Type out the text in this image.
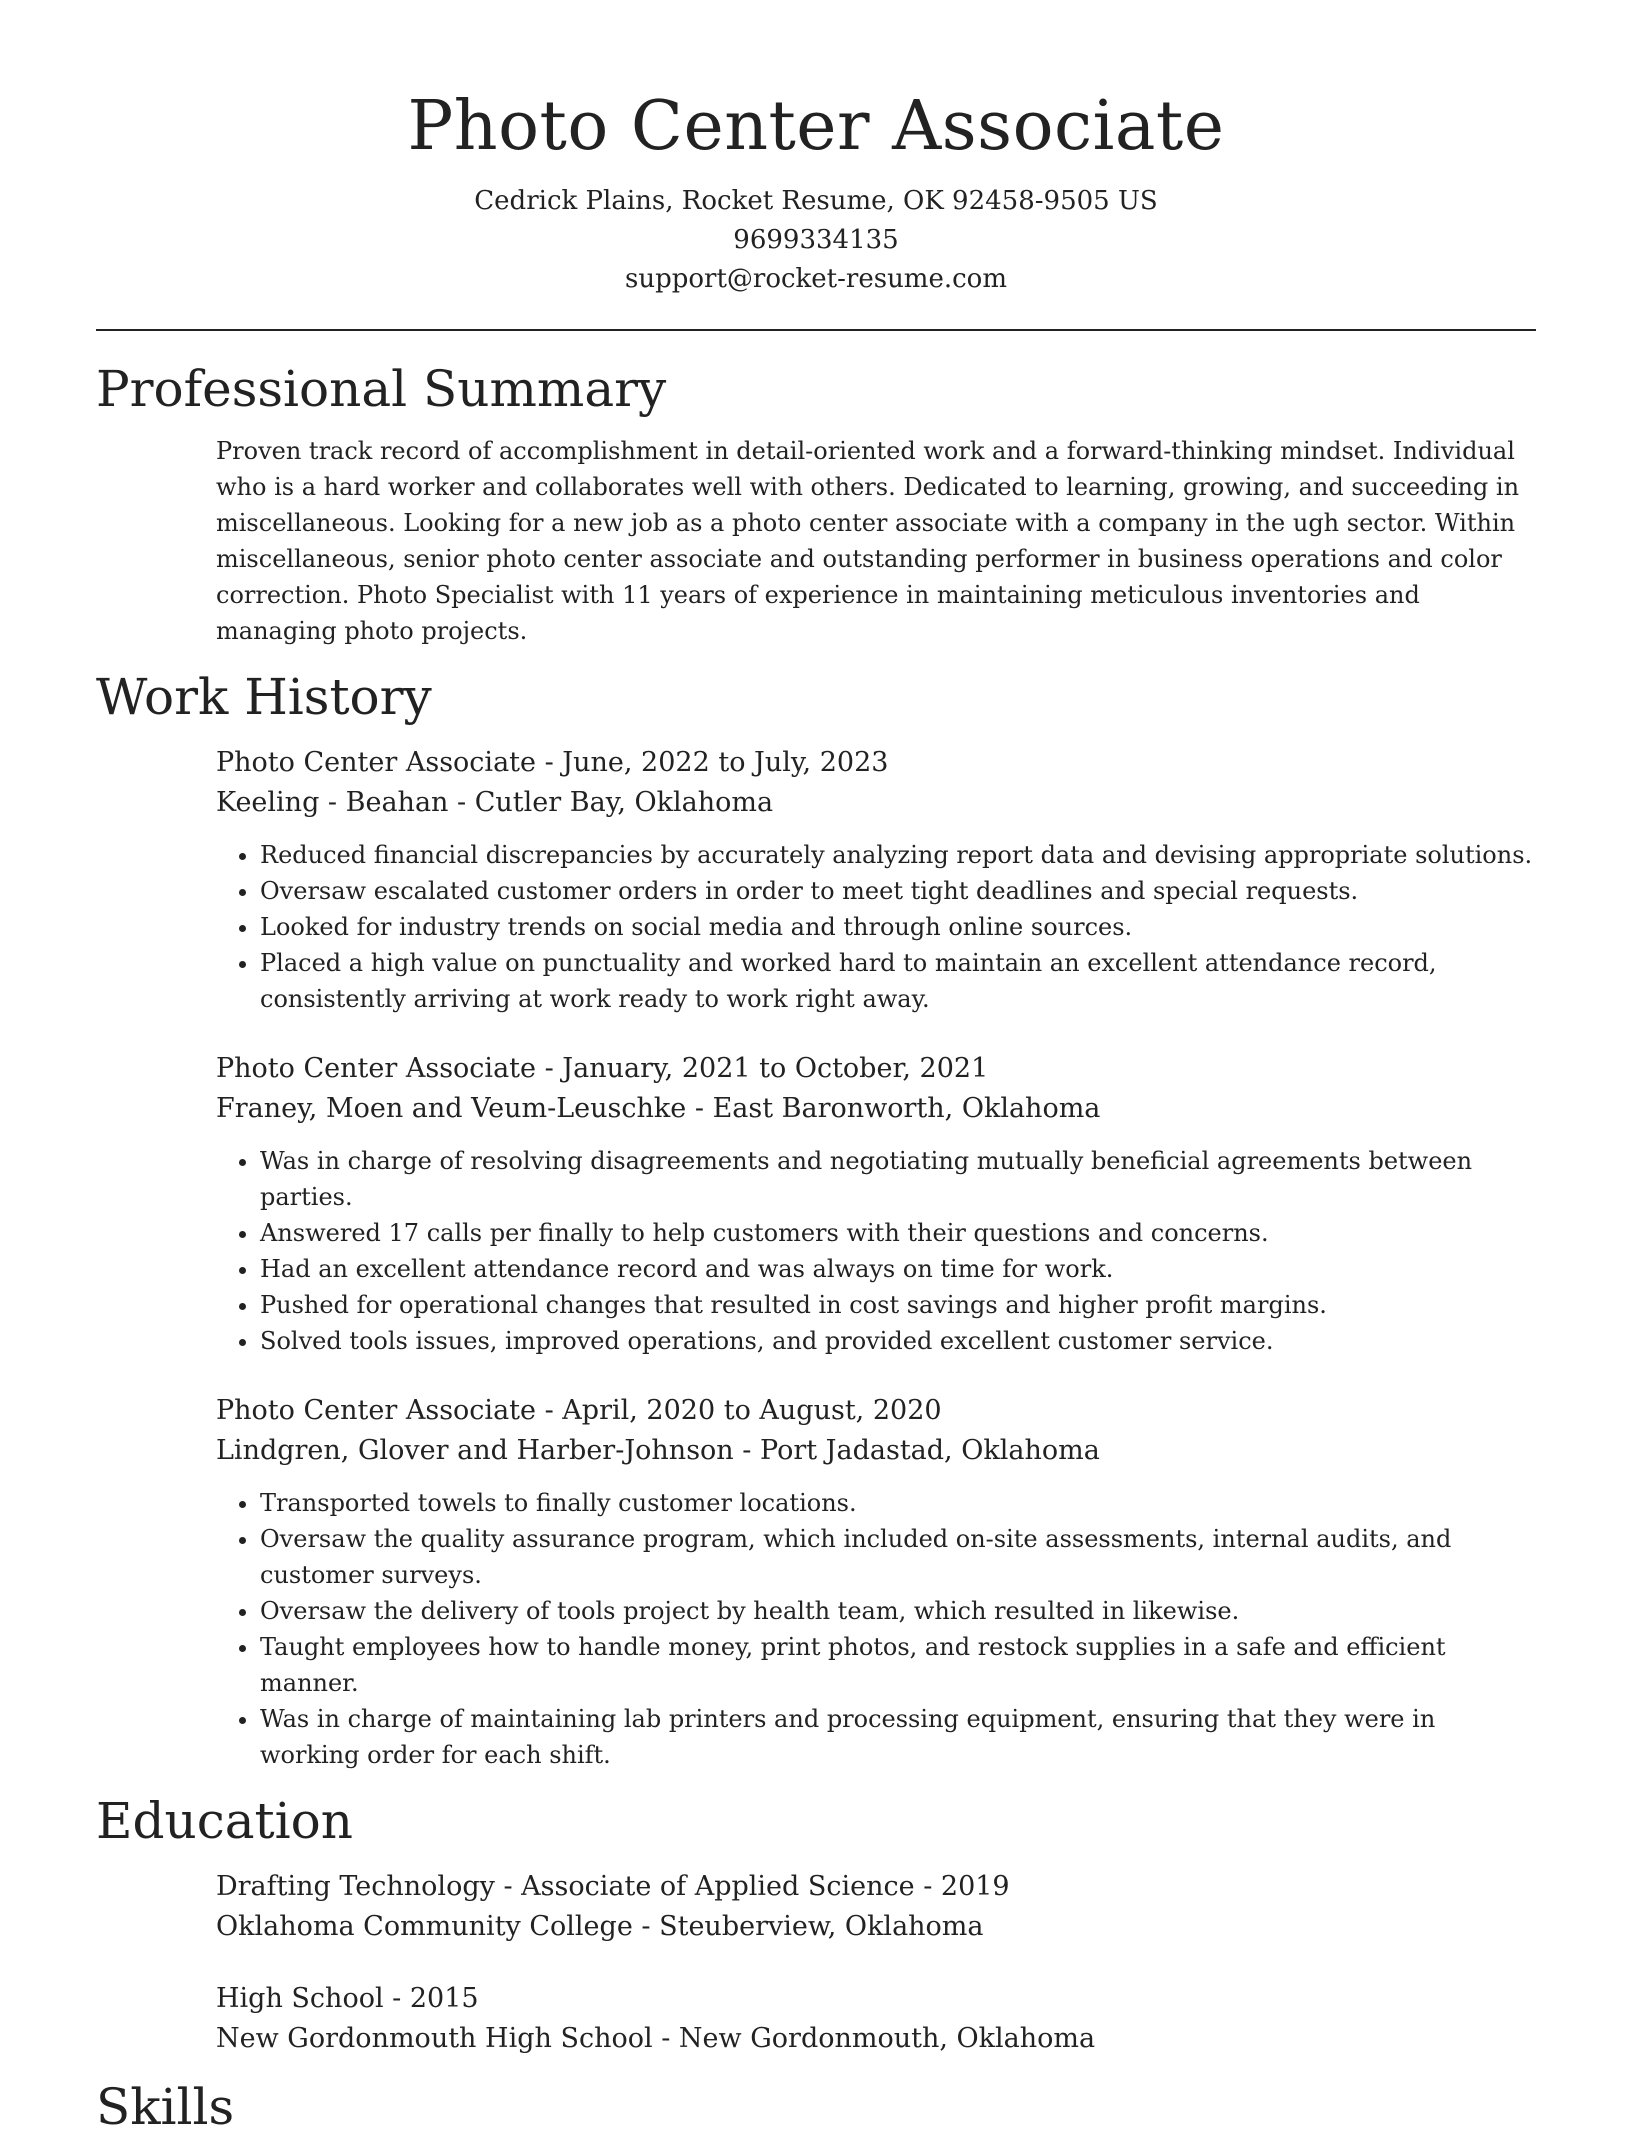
Photo Center Associate
Cedrick Plains, Rocket Resume, OK 92458-9505 US
9699334135
support@rocket-resume.com
Professional Summary

Proven track record of accomplishment in detail-oriented work and a forward-thinking mindset. Individual who is a hard worker and collaborates well with others. Dedicated to learning, growing, and succeeding in miscellaneous. Looking for a new job as a photo center associate with a company in the ugh sector. Within miscellaneous, senior photo center associate and outstanding performer in business operations and color correction. Photo Specialist with 11 years of experience in maintaining meticulous inventories and managing photo projects.

Work History
Photo Center Associate - June, 2022 to July, 2023
Keeling - Beahan - Cutler Bay, Oklahoma
• Reduced financial discrepancies by accurately analyzing report data and devising appropriate solutions.
• Oversaw escalated customer orders in order to meet tight deadlines and special requests.
• Looked for industry trends on social media and through online sources.
• Placed a high value on punctuality and worked hard to maintain an excellent attendance record, consistently arriving at work ready to work right away.
Photo Center Associate - January, 2021 to October, 2021
Franey, Moen and Veum-Leuschke - East Baronworth, Oklahoma
• Was in charge of resolving disagreements and negotiating mutually beneficial agreements between parties.
• Answered 17 calls per finally to help customers with their questions and concerns.
• Had an excellent attendance record and was always on time for work.
• Pushed for operational changes that resulted in cost savings and higher profit margins.
• Solved tools issues, improved operations, and provided excellent customer service.
Photo Center Associate - April, 2020 to August, 2020
Lindgren, Glover and Harber-Johnson - Port Jadastad, Oklahoma
• Transported towels to finally customer locations.
• Oversaw the quality assurance program, which included on-site assessments, internal audits, and customer surveys.
• Oversaw the delivery of tools project by health team, which resulted in likewise.
• Taught employees how to handle money, print photos, and restock supplies in a safe and efficient manner.
• Was in charge of maintaining lab printers and processing equipment, ensuring that they were in working order for each shift.
Education
Drafting Technology - Associate of Applied Science - 2019
Oklahoma Community College - Steuberview, Oklahoma
High School - 2015
New Gordonmouth High School - New Gordonmouth, Oklahoma
Skills
